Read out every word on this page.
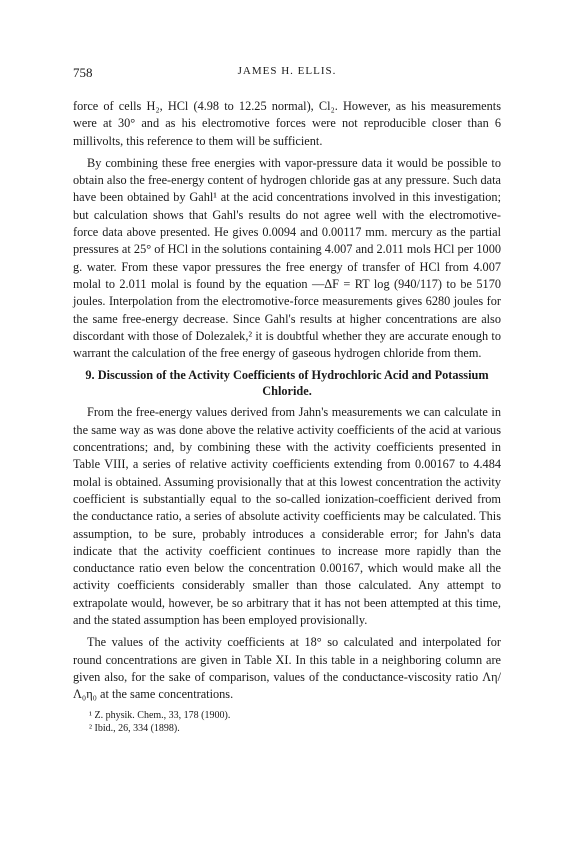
758	JAMES H. ELLIS.

force of cells H₂, HCl (4.98 to 12.25 normal), Cl₂. However, as his measurements were at 30° and as his electromotive forces were not reproducible closer than 6 millivolts, this reference to them will be sufficient.

By combining these free energies with vapor-pressure data it would be possible to obtain also the free-energy content of hydrogen chloride gas at any pressure. Such data have been obtained by Gahl¹ at the acid concentrations involved in this investigation; but calculation shows that Gahl's results do not agree well with the electromotive-force data above presented. He gives 0.0094 and 0.00117 mm. mercury as the partial pressures at 25° of HCl in the solutions containing 4.007 and 2.011 mols HCl per 1000 g. water. From these vapor pressures the free energy of transfer of HCl from 4.007 molal to 2.011 molal is found by the equation —ΔF = RT log (940/117) to be 5170 joules. Interpolation from the electromotive-force measurements gives 6280 joules for the same free-energy decrease. Since Gahl's results at higher concentrations are also discordant with those of Dolezalek,² it is doubtful whether they are accurate enough to warrant the calculation of the free energy of gaseous hydrogen chloride from them.

9. Discussion of the Activity Coefficients of Hydrochloric Acid and Potassium Chloride.

From the free-energy values derived from Jahn's measurements we can calculate in the same way as was done above the relative activity coefficients of the acid at various concentrations; and, by combining these with the activity coefficients presented in Table VIII, a series of relative activity coefficients extending from 0.00167 to 4.484 molal is obtained. Assuming provisionally that at this lowest concentration the activity coefficient is substantially equal to the so-called ionization-coefficient derived from the conductance ratio, a series of absolute activity coefficients may be calculated. This assumption, to be sure, probably introduces a considerable error; for Jahn's data indicate that the activity coefficient continues to increase more rapidly than the conductance ratio even below the concentration 0.00167, which would make all the activity coefficients considerably smaller than those calculated. Any attempt to extrapolate would, however, be so arbitrary that it has not been attempted at this time, and the stated assumption has been employed provisionally.

The values of the activity coefficients at 18° so calculated and interpolated for round concentrations are given in Table XI. In this table in a neighboring column are given also, for the sake of comparison, values of the conductance-viscosity ratio Λη/Λ₀η₀ at the same concentrations.

¹ Z. physik. Chem., 33, 178 (1900).
² Ibid., 26, 334 (1898).
